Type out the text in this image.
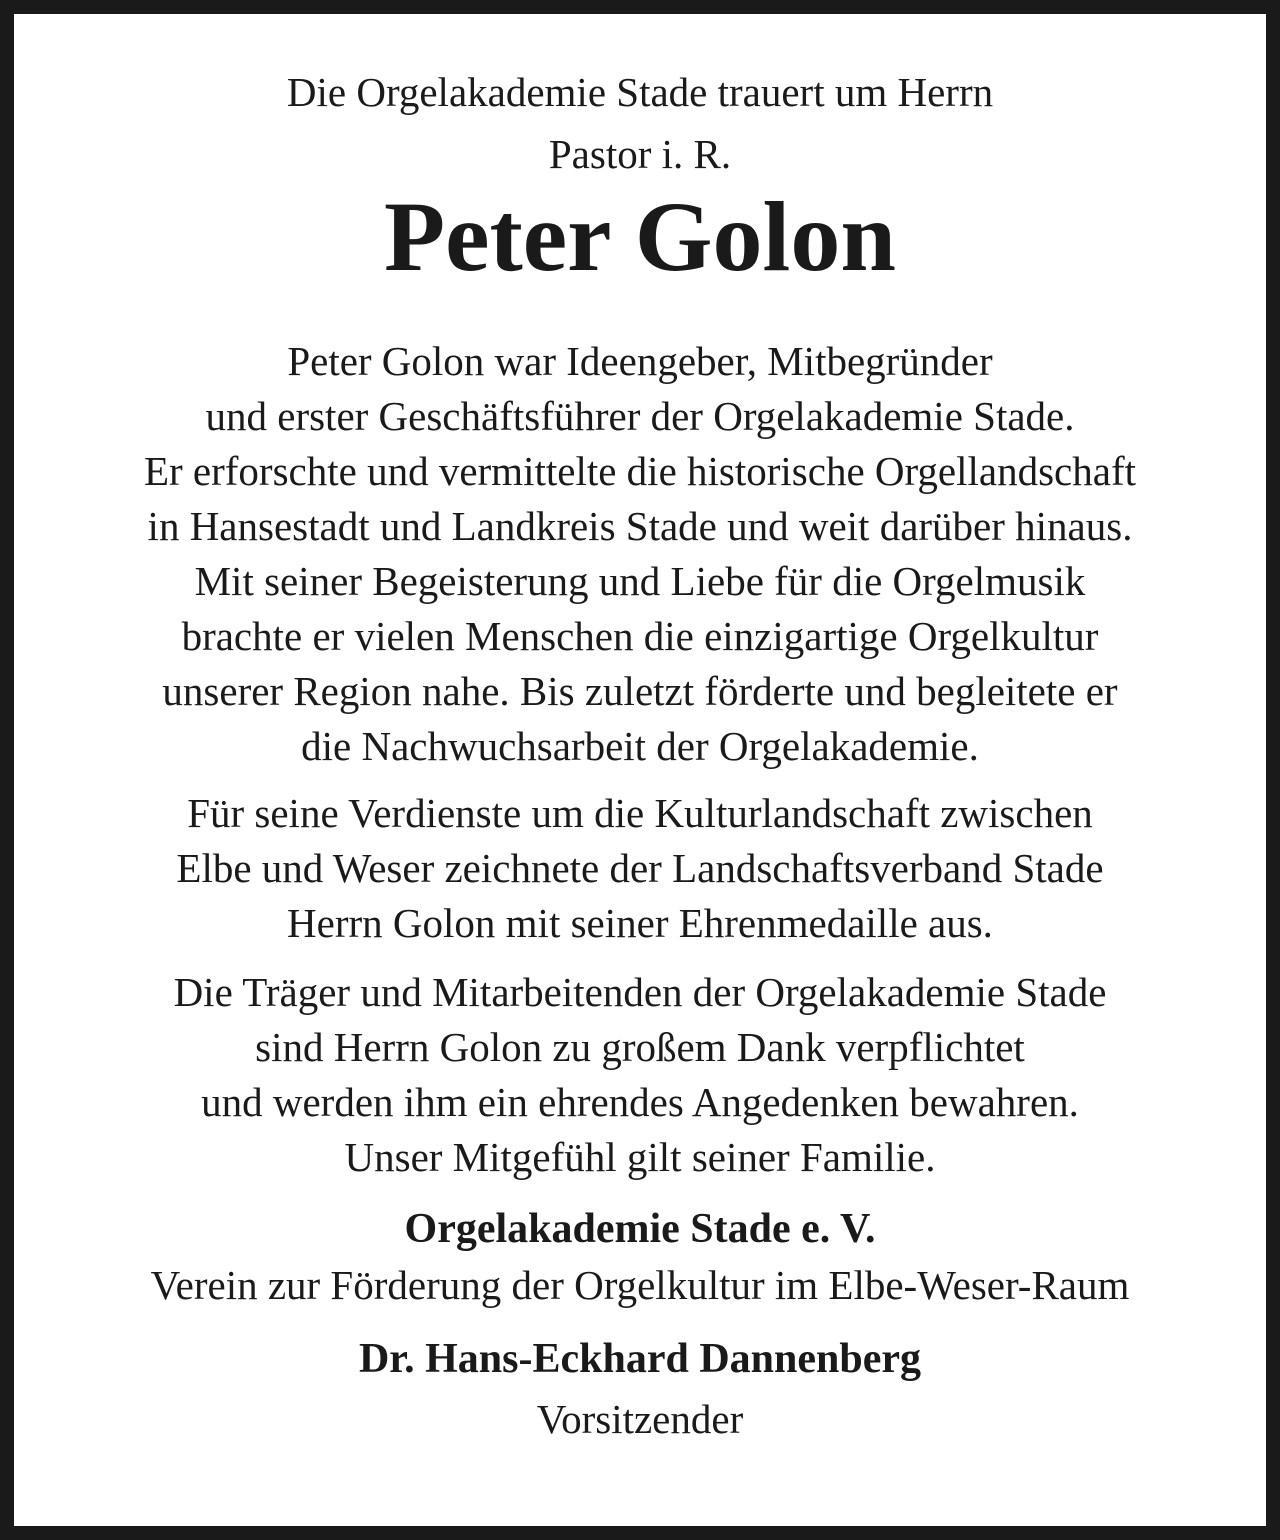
Die Orgelakademie Stade trauert um Herrn

Pastor i. R.

Peter Golon

Peter Golon war Ideengeber, Mitbegründer
und erster Geschäftsführer der Orgelakademie Stade.
Er erforschte und vermittelte die historische Orgellandschaft
in Hansestadt und Landkreis Stade und weit darüber hinaus.
Mit seiner Begeisterung und Liebe für die Orgelmusik
brachte er vielen Menschen die einzigartige Orgelkultur
unserer Region nahe. Bis zuletzt förderte und begleitete er
die Nachwuchsarbeit der Orgelakademie.

Für seine Verdienste um die Kulturlandschaft zwischen
Elbe und Weser zeichnete der Landschaftsverband Stade
Herrn Golon mit seiner Ehrenmedaille aus.

Die Träger und Mitarbeitenden der Orgelakademie Stade
sind Herrn Golon zu großem Dank verpflichtet
und werden ihm ein ehrendes Angedenken bewahren.
Unser Mitgefühl gilt seiner Familie.

Orgelakademie Stade e. V.

Verein zur Förderung der Orgelkultur im Elbe-Weser-Raum

Dr. Hans-Eckhard Dannenberg

Vorsitzender
